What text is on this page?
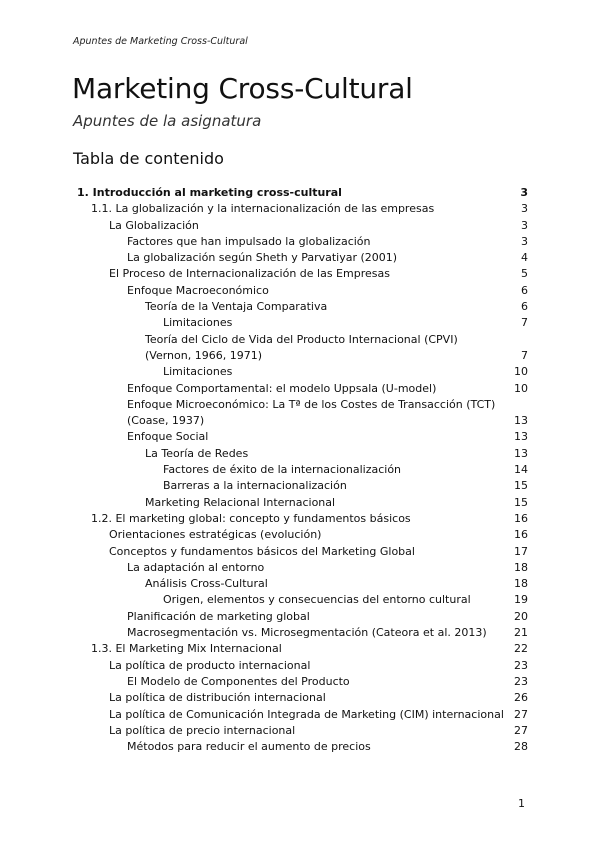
Apuntes de Marketing Cross-Cultural
Marketing Cross-Cultural
Apuntes de la asignatura
Tabla de contenido
1. Introducción al marketing cross-cultural	3
1.1. La globalización y la internacionalización de las empresas	3
La Globalización	3
Factores que han impulsado la globalización	3
La globalización según Sheth y Parvatiyar (2001)	4
El Proceso de Internacionalización de las Empresas	5
Enfoque Macroeconómico	6
Teoría de la Ventaja Comparativa	6
Limitaciones	7
Teoría del Ciclo de Vida del Producto Internacional (CPVI) (Vernon, 1966, 1971)	7
Limitaciones	10
Enfoque Comportamental: el modelo Uppsala (U-model)	10
Enfoque Microeconómico: La Tª de los Costes de Transacción (TCT) (Coase, 1937)	13
Enfoque Social	13
La Teoría de Redes	13
Factores de éxito de la internacionalización	14
Barreras a la internacionalización	15
Marketing Relacional Internacional	15
1.2. El marketing global: concepto y fundamentos básicos	16
Orientaciones estratégicas (evolución)	16
Conceptos y fundamentos básicos del Marketing Global	17
La adaptación al entorno	18
Análisis Cross-Cultural	18
Origen, elementos y consecuencias del entorno cultural	19
Planificación de marketing global	20
Macrosegmentación vs. Microsegmentación (Cateora et al. 2013)	21
1.3. El Marketing Mix Internacional	22
La política de producto internacional	23
El Modelo de Componentes del Producto	23
La política de distribución internacional	26
La política de Comunicación Integrada de Marketing (CIM) internacional 27
La política de precio internacional	27
Métodos para reducir el aumento de precios	28
1
